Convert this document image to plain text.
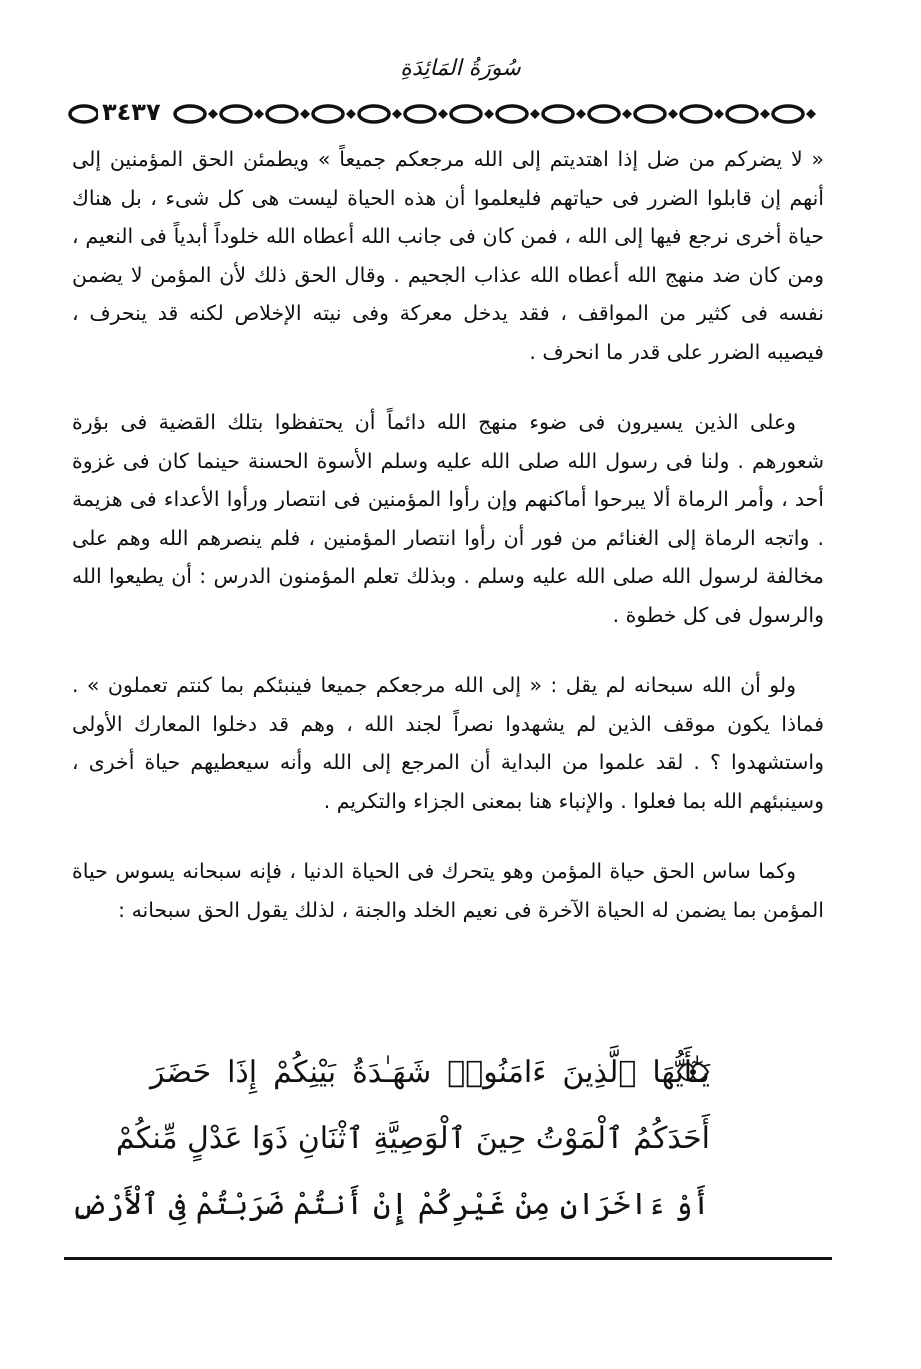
سُورَةُ المَائِدَةِ
٣٤٣٧

« لا يضركم من ضل إذا اهتديتم إلى الله مرجعكم جميعاً » ويطمئن الحق المؤمنين إلى أنهم إن قابلوا الضرر فى حياتهم فليعلموا أن هذه الحياة ليست هى كل شىء ، بل هناك حياة أخرى نرجع فيها إلى الله ، فمن كان فى جانب الله أعطاه الله خلوداً أبدياً فى النعيم ، ومن كان ضد منهج الله أعطاه الله عذاب الجحيم . وقال الحق ذلك لأن المؤمن لا يضمن نفسه فى كثير من المواقف ، فقد يدخل معركة وفى نيته الإخلاص لكنه قد ينحرف ، فيصيبه الضرر على قدر ما انحرف .

وعلى الذين يسيرون فى ضوء منهج الله دائماً أن يحتفظوا بتلك القضية فى بؤرة شعورهم . ولنا فى رسول الله صلى الله عليه وسلم الأسوة الحسنة حينما كان فى غزوة أحد ، وأمر الرماة ألا يبرحوا أماكنهم وإن رأوا المؤمنين فى انتصار ورأوا الأعداء فى هزيمة . واتجه الرماة إلى الغنائم من فور أن رأوا انتصار المؤمنين ، فلم ينصرهم الله وهم على مخالفة لرسول الله صلى الله عليه وسلم . وبذلك تعلم المؤمنون الدرس : أن يطيعوا الله والرسول فى كل خطوة .

ولو أن الله سبحانه لم يقل : « إلى الله مرجعكم جميعا فينبئكم بما كنتم تعملون » . فماذا يكون موقف الذين لم يشهدوا نصراً لجند الله ، وهم قد دخلوا المعارك الأولى واستشهدوا ؟ . لقد علموا من البداية أن المرجع إلى الله وأنه سيعطيهم حياة أخرى ، وسينبئهم الله بما فعلوا . والإنباء هنا بمعنى الجزاء والتكريم .

وكما ساس الحق حياة المؤمن وهو يتحرك فى الحياة الدنيا ، فإنه سبحانه يسوس حياة المؤمن بما يضمن له الحياة الآخرة فى نعيم الخلد والجنة ، لذلك يقول الحق سبحانه :

يَـٰٓأَيُّهَا ٱلَّذِينَ ءَامَنُوا۟ شَهَـٰدَةُ بَيْنِكُمْ إِذَا حَضَرَ
أَحَدَكُمُ ٱلْمَوْتُ حِينَ ٱلْوَصِيَّةِ ٱثْنَانِ ذَوَا عَدْلٍ مِّنكُمْ
أَوْ ءَاخَرَانِ مِنْ غَيْرِكُمْ إِنْ أَنتُمْ ضَرَبْتُمْ فِى ٱلْأَرْضِ
